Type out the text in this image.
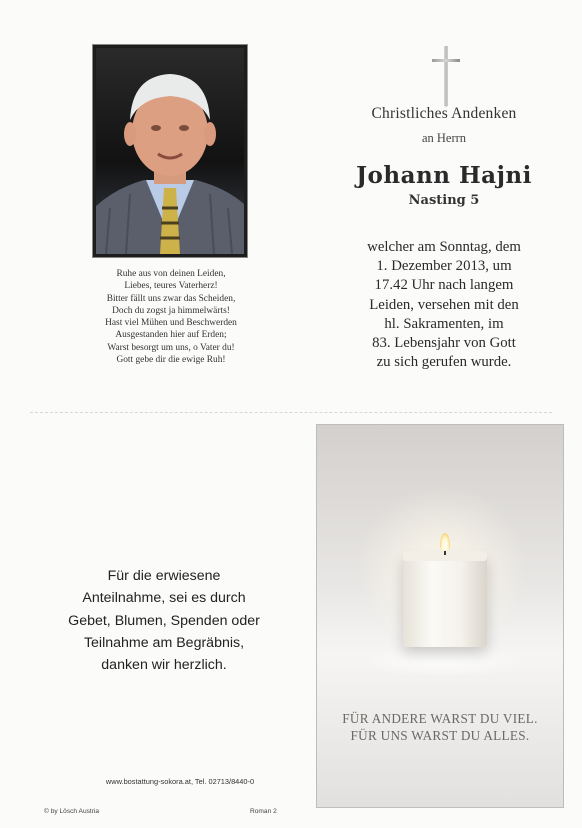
Ruhe aus von deinen Leiden,
Liebes, teures Vaterherz!
Bitter fällt uns zwar das Scheiden,
Doch du zogst ja himmelwärts!
Hast viel Mühen und Beschwerden
Ausgestanden hier auf Erden;
Warst besorgt um uns, o Vater du!
Gott gebe dir die ewige Ruh!
Christliches Andenken
an Herrn
Johann Hajni
Nasting 5
welcher am Sonntag, dem
1. Dezember 2013, um
17.42 Uhr nach langem
Leiden, versehen mit den
hl. Sakramenten, im
83. Lebensjahr von Gott
zu sich gerufen wurde.
Für die erwiesene
Anteilnahme, sei es durch
Gebet, Blumen, Spenden oder
Teilnahme am Begräbnis,
danken wir herzlich.
www.bostattung-sokora.at, Tel. 02713/8440-0
© by Lösch Austria	Roman 2
FÜR ANDERE WARST DU VIEL.
FÜR UNS WARST DU ALLES.
